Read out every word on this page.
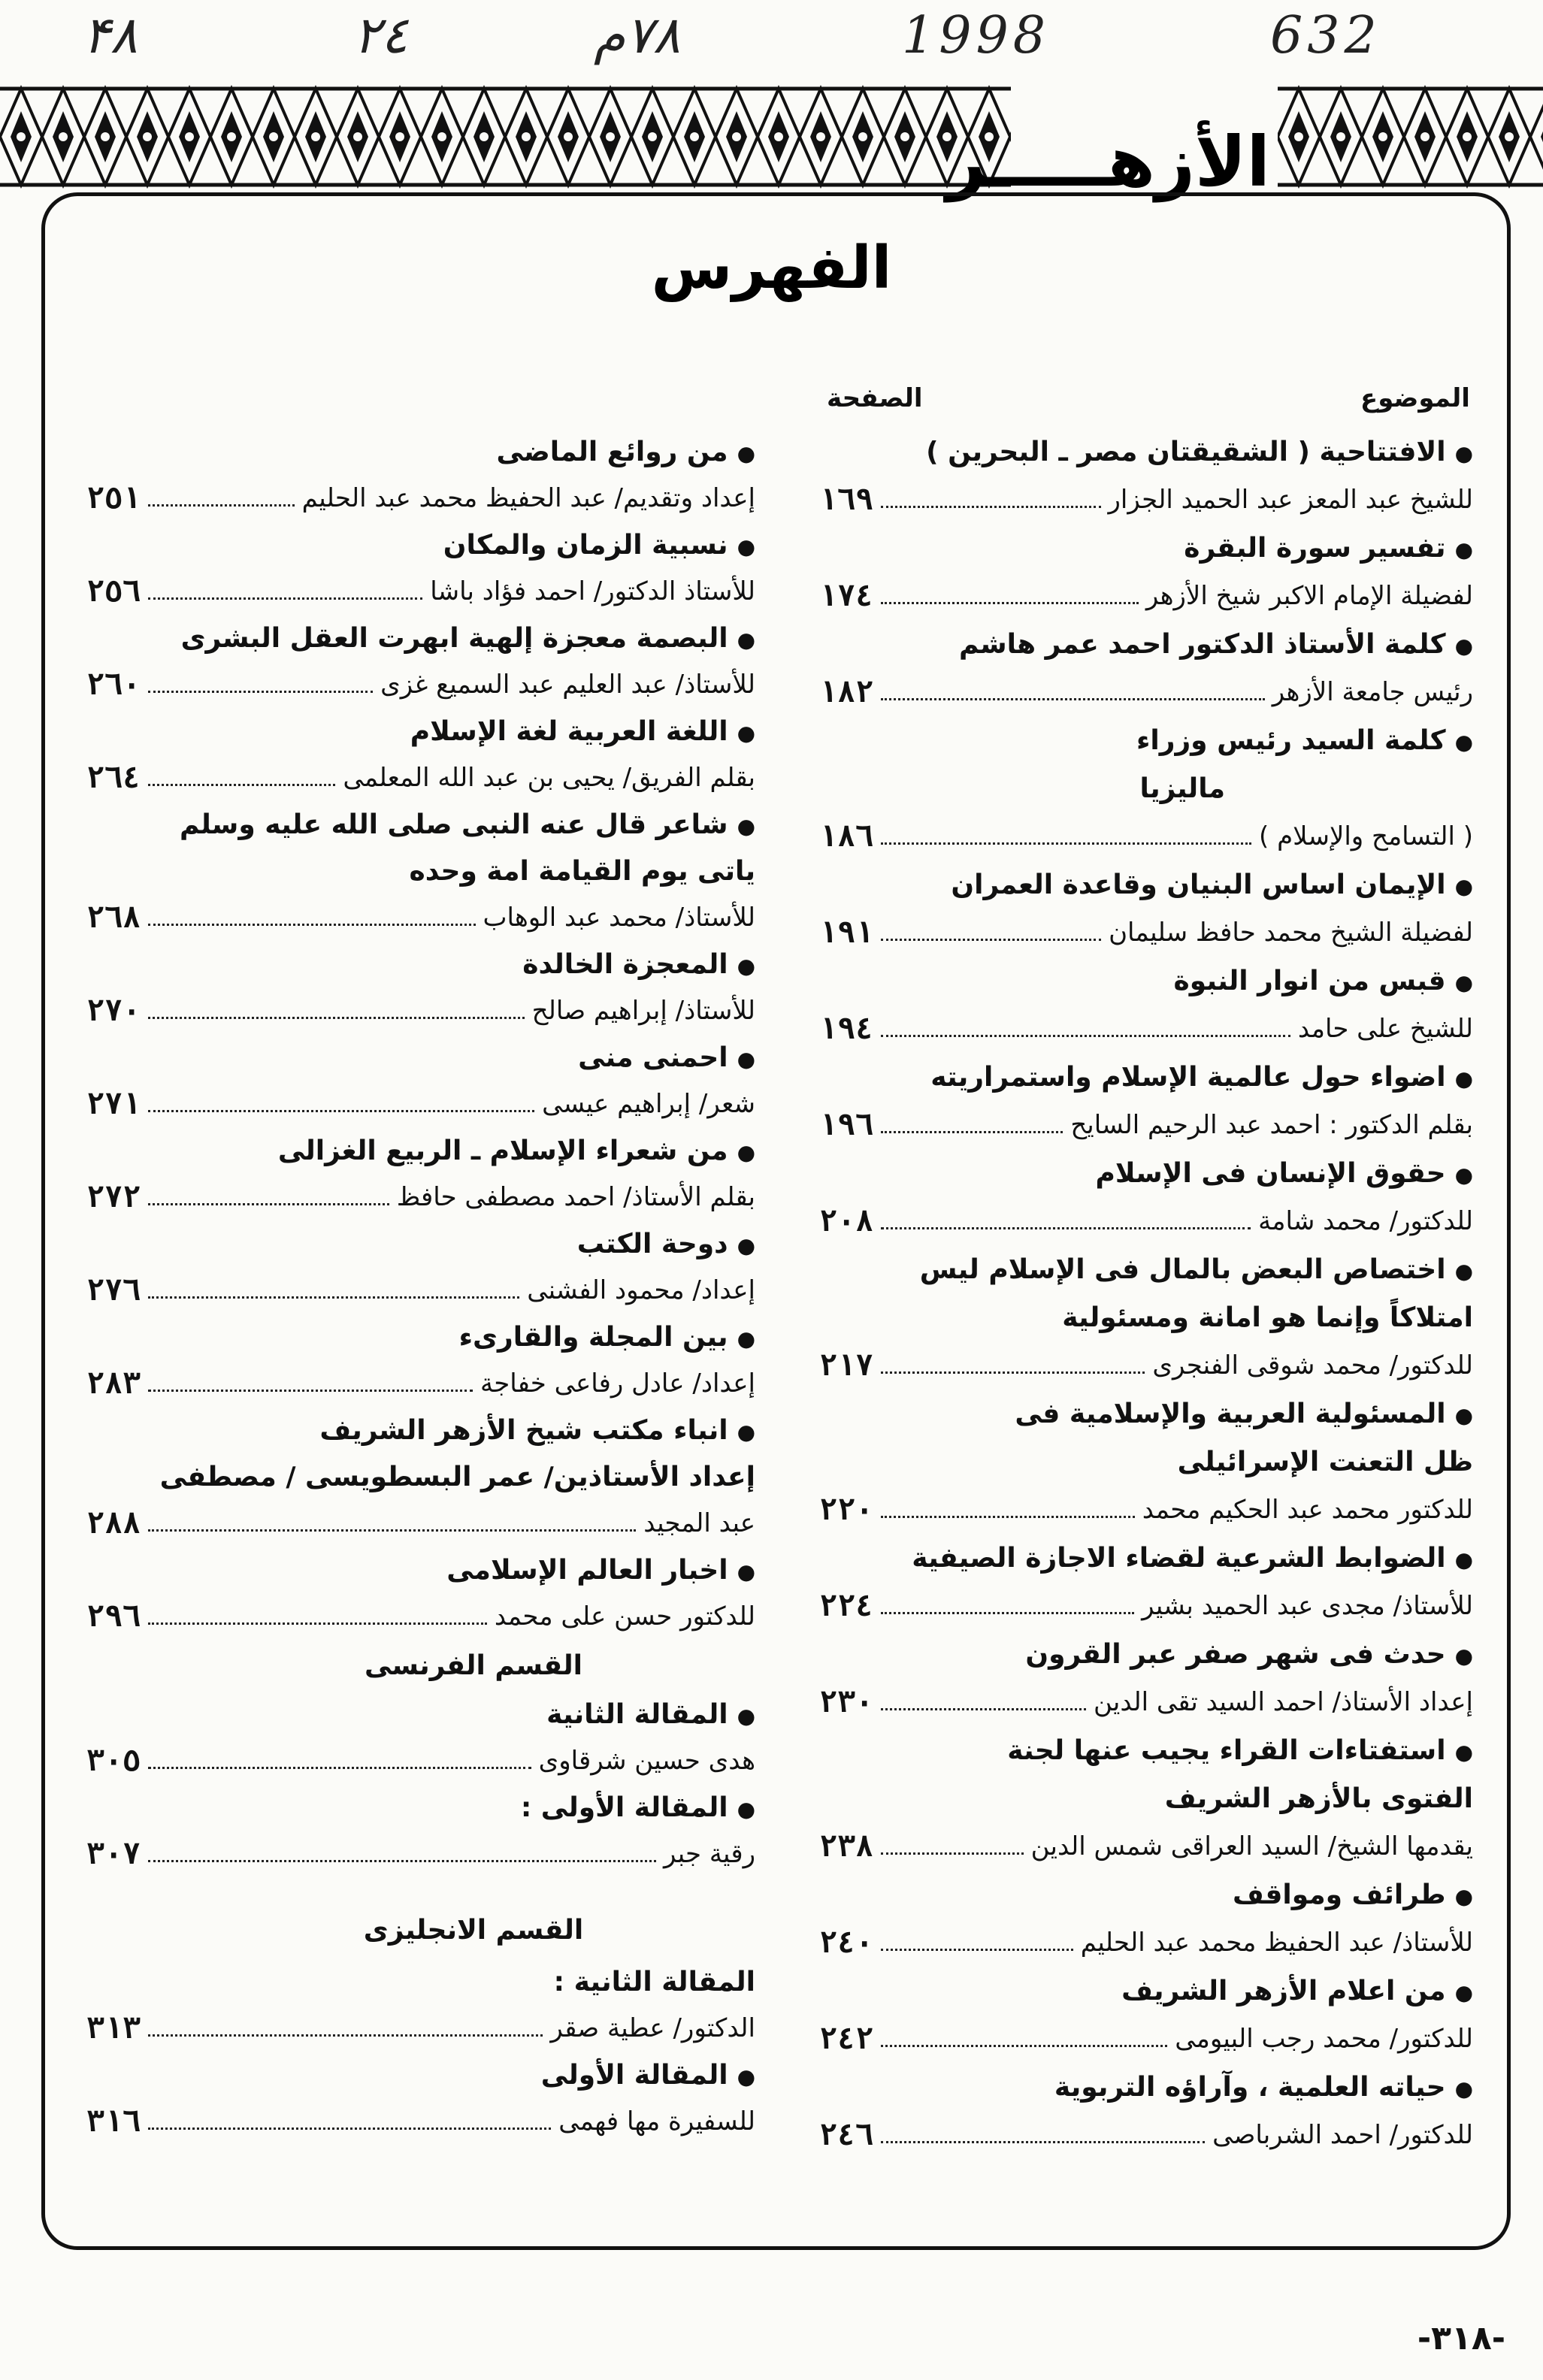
۴٨	٢٤	٧٨م	1998	632
الأزهـــــر
الفهرس
الموضوع
الصفحة
● الافتتاحية ( الشقيقتان مصر ـ البحرين )
للشيخ عبد المعز عبد الحميد الجزار
١٦٩
● تفسير سورة البقرة
لفضيلة الإمام الاكبر شيخ الأزهر
١٧٤
● كلمة الأستاذ الدكتور احمد عمر هاشم
رئيس جامعة الأزهر
١٨٢
● كلمة السيد رئيس وزراء
ماليزيا
( التسامح والإسلام )
١٨٦
● الإيمان اساس البنيان وقاعدة العمران
لفضيلة الشيخ محمد حافظ سليمان
١٩١
● قبس من انوار النبوة
للشيخ على حامد
١٩٤
● اضواء حول عالمية الإسلام واستمراريته
بقلم الدكتور : احمد عبد الرحيم السايح
١٩٦
● حقوق الإنسان فى الإسلام
للدكتور/ محمد شامة
٢٠٨
● اختصاص البعض بالمال فى الإسلام ليس
امتلاكاً وإنما هو امانة ومسئولية
للدكتور/ محمد شوقى الفنجرى
٢١٧
● المسئولية العربية والإسلامية فى
ظل التعنت الإسرائيلى
للدكتور محمد عبد الحكيم محمد
٢٢٠
● الضوابط الشرعية لقضاء الاجازة الصيفية
للأستاذ/ مجدى عبد الحميد بشير
٢٢٤
● حدث فى شهر صفر عبر القرون
إعداد الأستاذ/ احمد السيد تقى الدين
٢٣٠
● استفتاءات القراء يجيب عنها لجنة
الفتوى بالأزهر الشريف
يقدمها الشيخ/ السيد العراقى شمس الدين
٢٣٨
● طرائف ومواقف
للأستاذ/ عبد الحفيظ محمد عبد الحليم
٢٤٠
● من اعلام الأزهر الشريف
للدكتور/ محمد رجب البيومى
٢٤٢
● حياته العلمية ، وآراؤه التربوية
للدكتور/ احمد الشرباصى
٢٤٦
● من روائع الماضى
إعداد وتقديم/ عبد الحفيظ محمد عبد الحليم
٢٥١
● نسبية الزمان والمكان
للأستاذ الدكتور/ احمد فؤاد باشا
٢٥٦
● البصمة معجزة إلهية ابهرت العقل البشرى
للأستاذ/ عبد العليم عبد السميع غزى
٢٦٠
● اللغة العربية لغة الإسلام
بقلم الفريق/ يحيى بن عبد الله المعلمى
٢٦٤
● شاعر قال عنه النبى صلى الله عليه وسلم
ياتى يوم القيامة امة وحده
للأستاذ/ محمد عبد الوهاب
٢٦٨
● المعجزة الخالدة
للأستاذ/ إبراهيم صالح
٢٧٠
● احمنى منى
شعر/ إبراهيم عيسى
٢٧١
● من شعراء الإسلام ـ الربيع الغزالى
بقلم الأستاذ/ احمد مصطفى حافظ
٢٧٢
● دوحة الكتب
إعداد/ محمود الفشنى
٢٧٦
● بين المجلة والقارىء
إعداد/ عادل رفاعى خفاجة
٢٨٣
● انباء مكتب شيخ الأزهر الشريف
إعداد الأستاذين/ عمر البسطويسى / مصطفى
عبد المجيد
٢٨٨
● اخبار العالم الإسلامى
للدكتور حسن على محمد
٢٩٦
القسم الفرنسى
● المقالة الثانية
هدى حسين شرقاوى
٣٠٥
● المقالة الأولى :
رقية جبر
٣٠٧
القسم الانجليزى
المقالة الثانية :
الدكتور/ عطية صقر
٣١٣
● المقالة الأولى
للسفيرة مها فهمى
٣١٦
-٣١٨-
